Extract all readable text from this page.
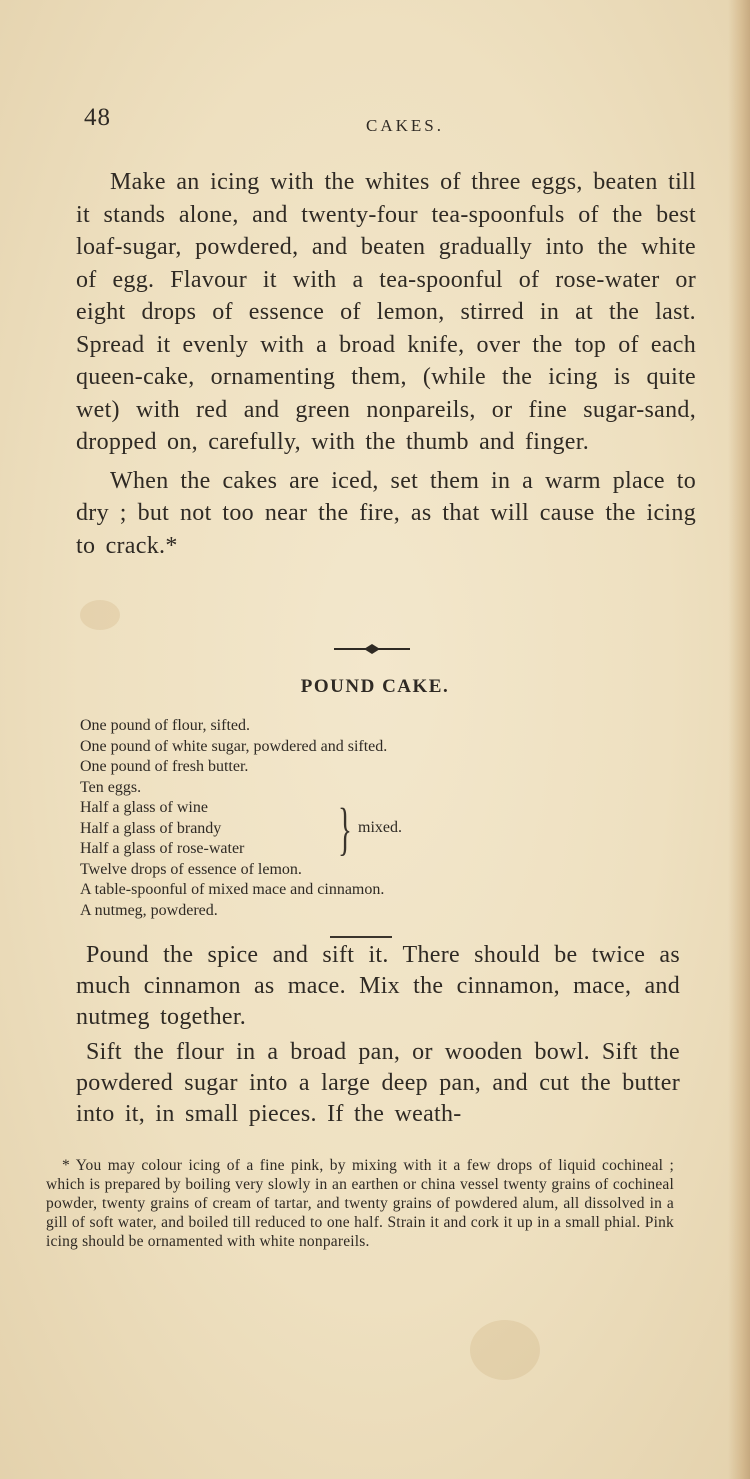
48	CAKES.

Make an icing with the whites of three eggs, beaten till it stands alone, and twenty-four tea-spoonfuls of the best loaf-sugar, powdered, and beaten gradually into the white of egg. Flavour it with a tea-spoonful of rose-water or eight drops of essence of lemon, stirred in at the last. Spread it evenly with a broad knife, over the top of each queen-cake, ornamenting them, (while the icing is quite wet) with red and green nonpareils, or fine sugar-sand, dropped on, carefully, with the thumb and finger.

When the cakes are iced, set them in a warm place to dry ; but not too near the fire, as that will cause the icing to crack.*

POUND CAKE.
One pound of flour, sifted.
One pound of white sugar, powdered and sifted.
One pound of fresh butter.
Ten eggs.
Half a glass of wine
Half a glass of brandy
Half a glass of rose-water	} mixed.
Twelve drops of essence of lemon.
A table-spoonful of mixed mace and cinnamon.
A nutmeg, powdered.

Pound the spice and sift it. There should be twice as much cinnamon as mace. Mix the cinnamon, mace, and nutmeg together.

Sift the flour in a broad pan, or wooden bowl. Sift the powdered sugar into a large deep pan, and cut the butter into it, in small pieces. If the weath-

* You may colour icing of a fine pink, by mixing with it a few drops of liquid cochineal ; which is prepared by boiling very slowly in an earthen or china vessel twenty grains of cochineal powder, twenty grains of cream of tartar, and twenty grains of powdered alum, all dissolved in a gill of soft water, and boiled till reduced to one half. Strain it and cork it up in a small phial. Pink icing should be ornamented with white nonpareils.
